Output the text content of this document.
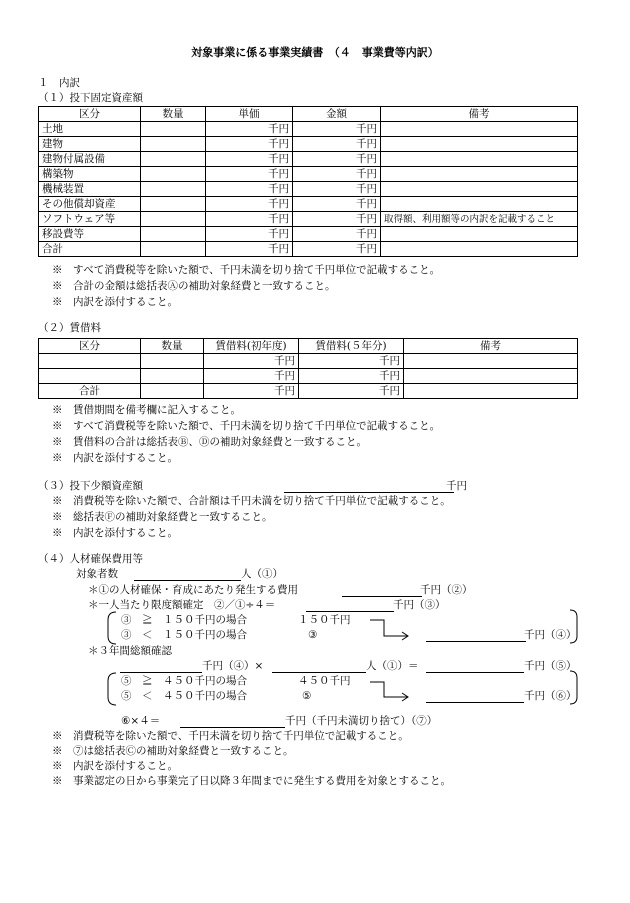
対象事業に係る事業実績書　（４　事業費等内訳）
１　内訳
（１）投下固定資産額
区分	数量	単価	金額	備考
土地		千円	千円	
建物		千円	千円	
建物付属設備		千円	千円	
構築物		千円	千円	
機械装置		千円	千円	
その他償却資産		千円	千円	
ソフトウェア等		千円	千円	取得額、利用額等の内訳を記載すること
移設費等		千円	千円	
合計		千円	千円	
※　すべて消費税等を除いた額で、千円未満を切り捨て千円単位で記載すること。
※　合計の金額は総括表Ⓐの補助対象経費と一致すること。
※　内訳を添付すること。
（２）賃借料
区分	数量	賃借料(初年度)	賃借料(５年分)	備考
		千円	千円	
		千円	千円	
合計		千円	千円	
※　賃借期間を備考欄に記入すること。
※　すべて消費税等を除いた額で、千円未満を切り捨て千円単位で記載すること。
※　賃借料の合計は総括表Ⓑ、Ⓓの補助対象経費と一致すること。
※　内訳を添付すること。
（３）投下少額資産額	千円
※　消費税等を除いた額で、合計額は千円未満を切り捨て千円単位で記載すること。
※　総括表Ⓕの補助対象経費と一致すること。
※　内訳を添付すること。
（４）人材確保費用等
対象者数	人（①）
＊①の人材確保・育成にあたり発生する費用	千円（②）
＊一人当たり限度額確定　②／①÷４＝	千円（③）
③　≧　１５０千円の場合	１５０千円
③　＜　１５０千円の場合	③	千円（④）
＊３年間総額確認
千円（④）×	人（①）＝	千円（⑤）
⑤　≧　４５０千円の場合	４５０千円
⑤　＜　４５０千円の場合	⑤	千円（⑥）
⑥×４＝	千円（千円未満切り捨て）（⑦）
※　消費税等を除いた額で、千円未満を切り捨て千円単位で記載すること。
※　⑦は総括表Ⓒの補助対象経費と一致すること。
※　内訳を添付すること。
※　事業認定の日から事業完了日以降３年間までに発生する費用を対象とすること。
